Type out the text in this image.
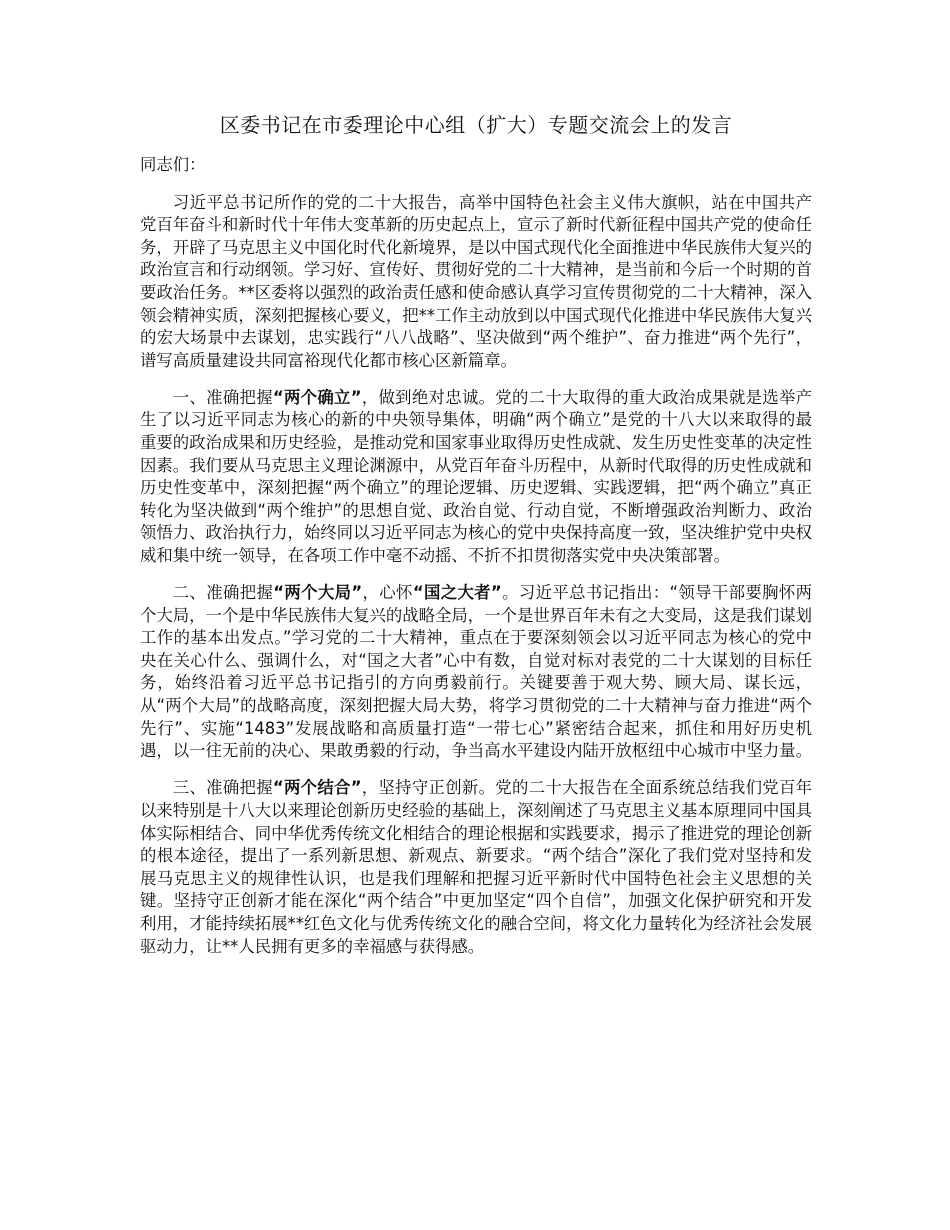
区委书记在市委理论中心组（扩大）专题交流会上的发言

同志们：

习近平总书记所作的党的二十大报告，高举中国特色社会主义伟大旗帜，站在中国共产党百年奋斗和新时代十年伟大变革新的历史起点上，宣示了新时代新征程中国共产党的使命任务，开辟了马克思主义中国化时代化新境界，是以中国式现代化全面推进中华民族伟大复兴的政治宣言和行动纲领。学习好、宣传好、贯彻好党的二十大精神，是当前和今后一个时期的首要政治任务。**区委将以强烈的政治责任感和使命感认真学习宣传贯彻党的二十大精神，深入领会精神实质，深刻把握核心要义，把**工作主动放到以中国式现代化推进中华民族伟大复兴的宏大场景中去谋划，忠实践行“八八战略”、坚决做到“两个维护”、奋力推进“两个先行”，谱写高质量建设共同富裕现代化都市核心区新篇章。

一、准确把握“两个确立”，做到绝对忠诚。党的二十大取得的重大政治成果就是选举产生了以习近平同志为核心的新的中央领导集体，明确“两个确立”是党的十八大以来取得的最重要的政治成果和历史经验，是推动党和国家事业取得历史性成就、发生历史性变革的决定性因素。我们要从马克思主义理论渊源中，从党百年奋斗历程中，从新时代取得的历史性成就和历史性变革中，深刻把握“两个确立”的理论逻辑、历史逻辑、实践逻辑，把“两个确立”真正转化为坚决做到“两个维护”的思想自觉、政治自觉、行动自觉，不断增强政治判断力、政治领悟力、政治执行力，始终同以习近平同志为核心的党中央保持高度一致，坚决维护党中央权威和集中统一领导，在各项工作中毫不动摇、不折不扣贯彻落实党中央决策部署。

二、准确把握“两个大局”，心怀“国之大者”。习近平总书记指出：“领导干部要胸怀两个大局，一个是中华民族伟大复兴的战略全局，一个是世界百年未有之大变局，这是我们谋划工作的基本出发点。”学习党的二十大精神，重点在于要深刻领会以习近平同志为核心的党中央在关心什么、强调什么，对“国之大者”心中有数，自觉对标对表党的二十大谋划的目标任务，始终沿着习近平总书记指引的方向勇毅前行。关键要善于观大势、顾大局、谋长远，从“两个大局”的战略高度，深刻把握大局大势，将学习贯彻党的二十大精神与奋力推进“两个先行”、实施“1483”发展战略和高质量打造“一带七心”紧密结合起来，抓住和用好历史机遇，以一往无前的决心、果敢勇毅的行动，争当高水平建设内陆开放枢纽中心城市中坚力量。

三、准确把握“两个结合”，坚持守正创新。党的二十大报告在全面系统总结我们党百年以来特别是十八大以来理论创新历史经验的基础上，深刻阐述了马克思主义基本原理同中国具体实际相结合、同中华优秀传统文化相结合的理论根据和实践要求，揭示了推进党的理论创新的根本途径，提出了一系列新思想、新观点、新要求。“两个结合”深化了我们党对坚持和发展马克思主义的规律性认识，也是我们理解和把握习近平新时代中国特色社会主义思想的关键。坚持守正创新才能在深化“两个结合”中更加坚定“四个自信”，加强文化保护研究和开发利用，才能持续拓展**红色文化与优秀传统文化的融合空间，将文化力量转化为经济社会发展驱动力，让**人民拥有更多的幸福感与获得感。
